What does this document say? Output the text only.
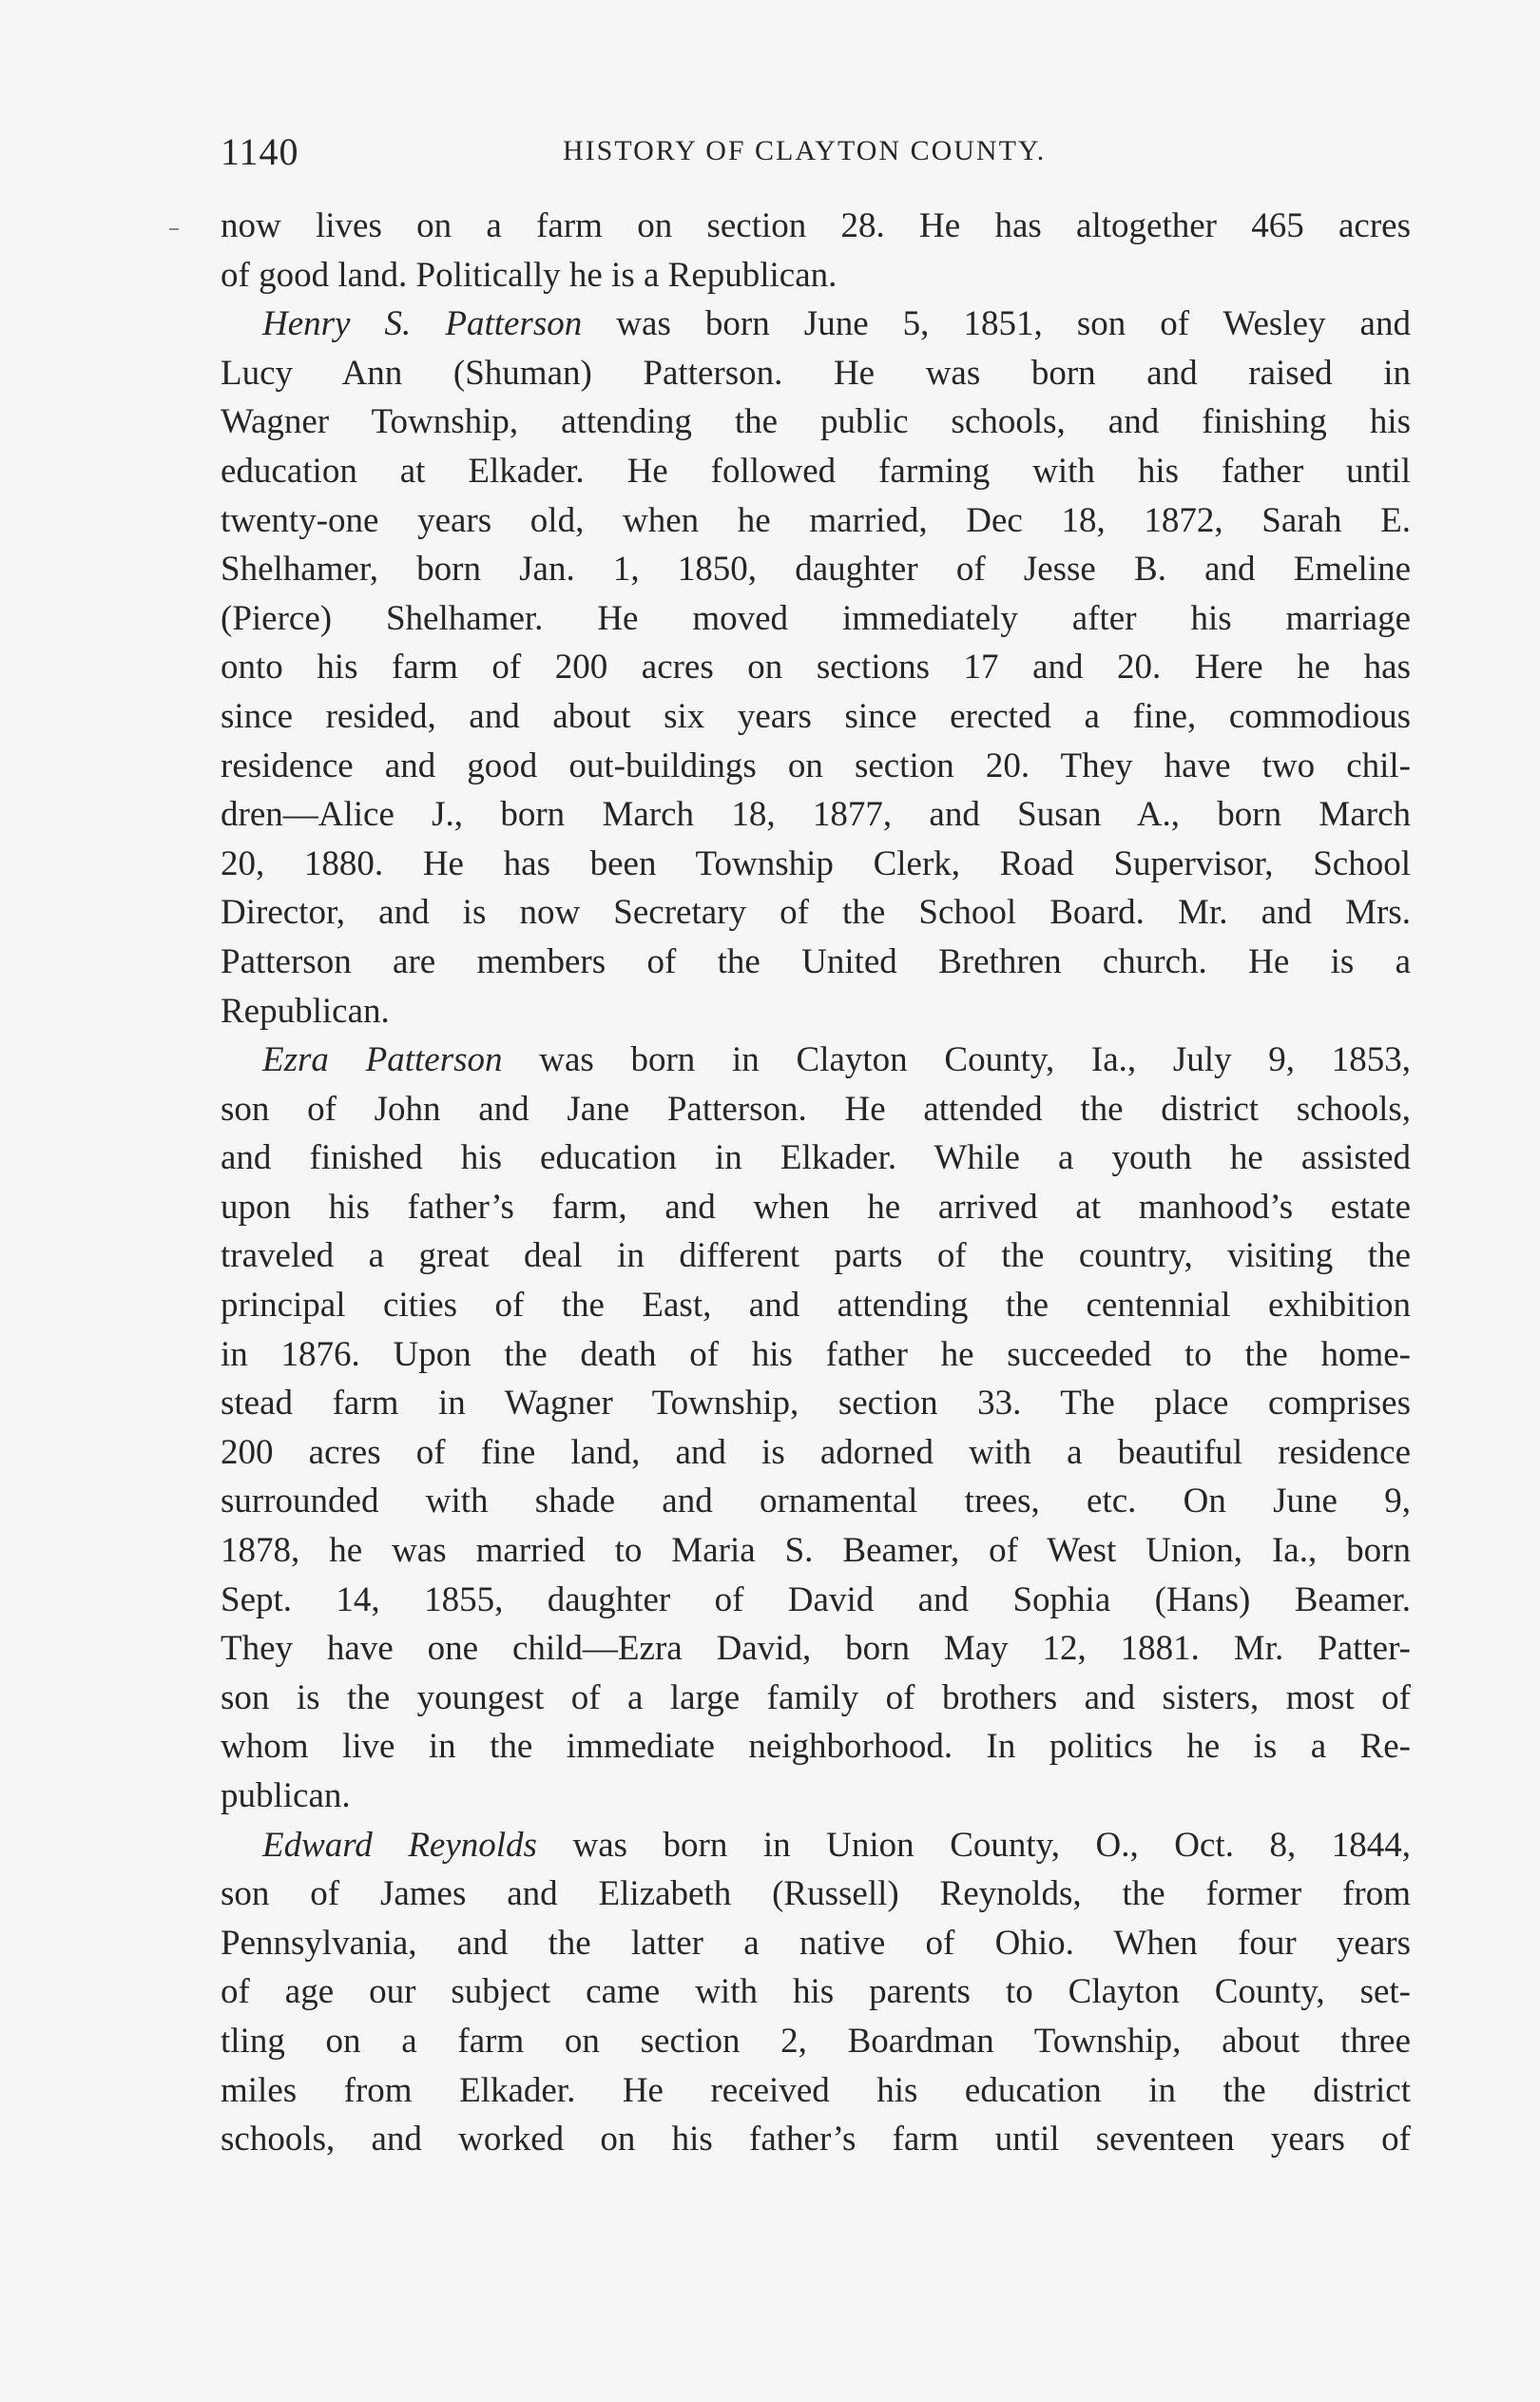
1140	HISTORY OF CLAYTON COUNTY.
now lives on a farm on section 28. He has altogether 465 acres
of good land. Politically he is a Republican.
Henry S. Patterson was born June 5, 1851, son of Wesley and
Lucy Ann (Shuman) Patterson. He was born and raised in
Wagner Township, attending the public schools, and finishing his
education at Elkader. He followed farming with his father until
twenty-one years old, when he married, Dec 18, 1872, Sarah E.
Shelhamer, born Jan. 1, 1850, daughter of Jesse B. and Emeline
(Pierce) Shelhamer. He moved immediately after his marriage
onto his farm of 200 acres on sections 17 and 20. Here he has
since resided, and about six years since erected a fine, commodious
residence and good out-buildings on section 20. They have two chil-
dren—Alice J., born March 18, 1877, and Susan A., born March
20, 1880. He has been Township Clerk, Road Supervisor, School
Director, and is now Secretary of the School Board. Mr. and Mrs.
Patterson are members of the United Brethren church. He is a
Republican.
Ezra Patterson was born in Clayton County, Ia., July 9, 1853,
son of John and Jane Patterson. He attended the district schools,
and finished his education in Elkader. While a youth he assisted
upon his father’s farm, and when he arrived at manhood’s estate
traveled a great deal in different parts of the country, visiting the
principal cities of the East, and attending the centennial exhibition
in 1876. Upon the death of his father he succeeded to the home-
stead farm in Wagner Township, section 33. The place comprises
200 acres of fine land, and is adorned with a beautiful residence
surrounded with shade and ornamental trees, etc. On June 9,
1878, he was married to Maria S. Beamer, of West Union, Ia., born
Sept. 14, 1855, daughter of David and Sophia (Hans) Beamer.
They have one child—Ezra David, born May 12, 1881. Mr. Patter-
son is the youngest of a large family of brothers and sisters, most of
whom live in the immediate neighborhood. In politics he is a Re-
publican.
Edward Reynolds was born in Union County, O., Oct. 8, 1844,
son of James and Elizabeth (Russell) Reynolds, the former from
Pennsylvania, and the latter a native of Ohio. When four years
of age our subject came with his parents to Clayton County, set-
tling on a farm on section 2, Boardman Township, about three
miles from Elkader. He received his education in the district
schools, and worked on his father’s farm until seventeen years of
